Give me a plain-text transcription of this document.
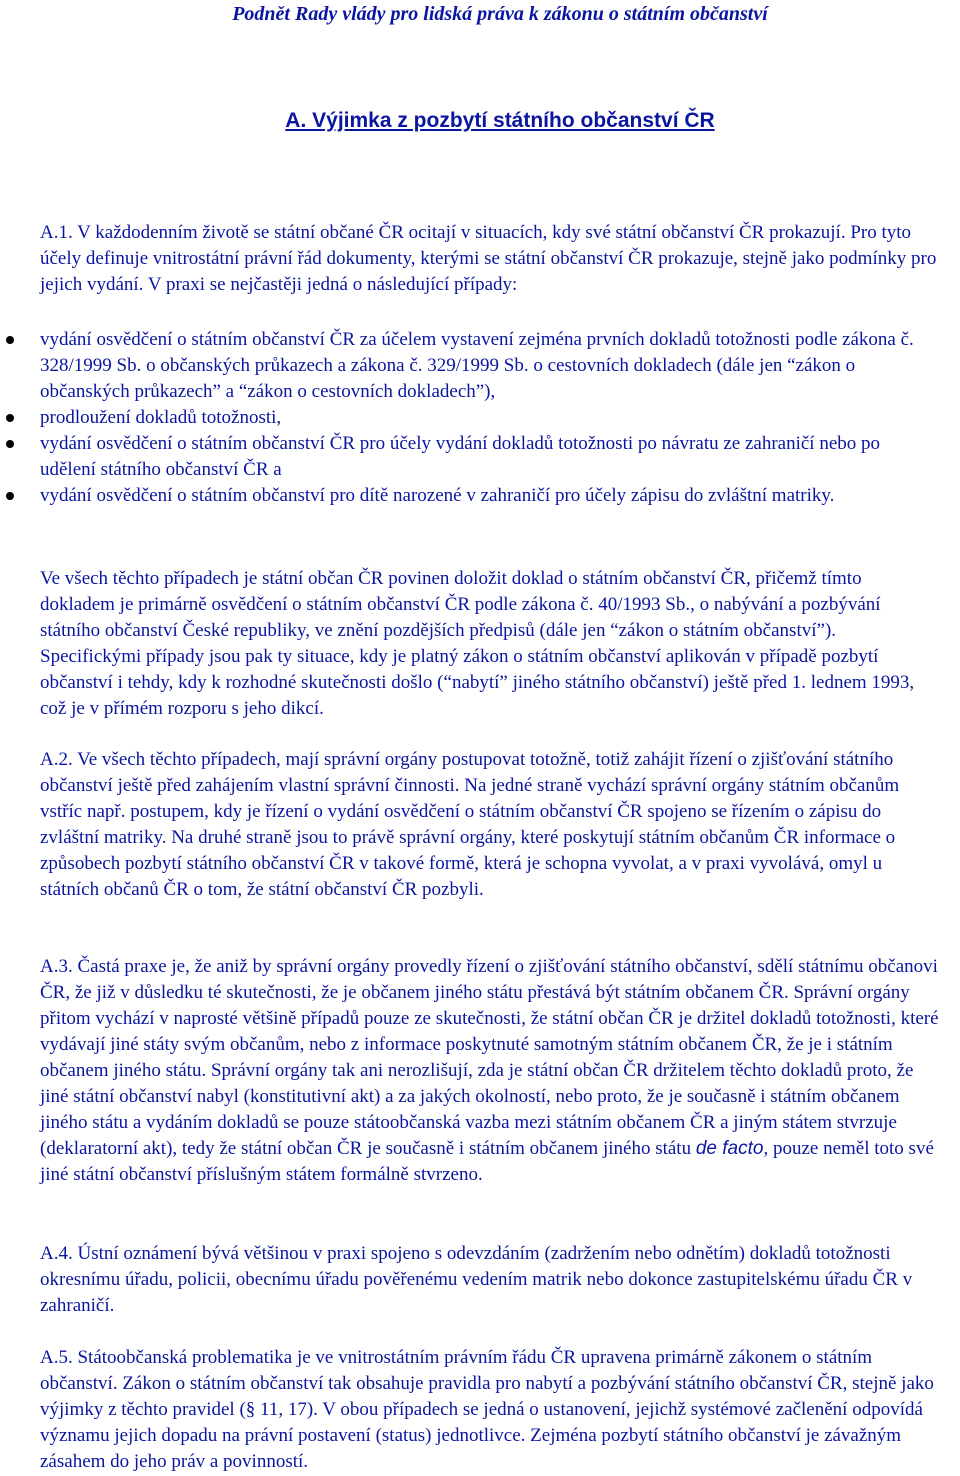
Podnět Rady vlády pro lidská práva k zákonu o státním občanství
A. Výjimka z pozbytí státního občanství ČR

A.1. V každodenním životě se státní občané ČR ocitají v situacích, kdy své státní občanství ČR prokazují. Pro tyto účely definuje vnitrostátní právní řád dokumenty, kterými se státní občanství ČR prokazuje, stejně jako podmínky pro jejich vydání. V praxi se nejčastěji jedná o následující případy:

vydání osvědčení o státním občanství ČR za účelem vystavení zejména prvních dokladů totožnosti podle zákona č. 328/1999 Sb. o občanských průkazech a zákona č. 329/1999 Sb. o cestovních dokladech (dále jen “zákon o občanských průkazech” a “zákon o cestovních dokladech”),
prodloužení dokladů totožnosti,
vydání osvědčení o státním občanství ČR pro účely vydání dokladů totožnosti po návratu ze zahraničí nebo po udělení státního občanství ČR a
vydání osvědčení o státním občanství pro dítě narozené v zahraničí pro účely zápisu do zvláštní matriky.

Ve všech těchto případech je státní občan ČR povinen doložit doklad o státním občanství ČR, přičemž tímto dokladem je primárně osvědčení o státním občanství ČR podle zákona č. 40/1993 Sb., o nabývání a pozbývání státního občanství České republiky, ve znění pozdějších předpisů (dále jen “zákon o státním občanství”). Specifickými případy jsou pak ty situace, kdy je platný zákon o státním občanství aplikován v případě pozbytí občanství i tehdy, kdy k rozhodné skutečnosti došlo (“nabytí” jiného státního občanství) ještě před 1. lednem 1993, což je v přímém rozporu s jeho dikcí.

A.2. Ve všech těchto případech, mají správní orgány postupovat totožně, totiž zahájit řízení o zjišťování státního občanství ještě před zahájením vlastní správní činnosti. Na jedné straně vychází správní orgány státním občanům vstříc např. postupem, kdy je řízení o vydání osvědčení o státním občanství ČR spojeno se řízením o zápisu do zvláštní matriky. Na druhé straně jsou to právě správní orgány, které poskytují státním občanům ČR informace o způsobech pozbytí státního občanství ČR v takové formě, která je schopna vyvolat, a v praxi vyvolává, omyl u státních občanů ČR o tom, že státní občanství ČR pozbyli.

A.3. Častá praxe je, že aniž by správní orgány provedly řízení o zjišťování státního občanství, sdělí státnímu občanovi ČR, že již v důsledku té skutečnosti, že je občanem jiného státu přestává být státním občanem ČR. Správní orgány přitom vychází v naprosté většině případů pouze ze skutečnosti, že státní občan ČR je držitel dokladů totožnosti, které vydávají jiné státy svým občanům, nebo z informace poskytnuté samotným státním občanem ČR, že je i státním občanem jiného státu. Správní orgány tak ani nerozlišují, zda je státní občan ČR držitelem těchto dokladů proto, že jiné státní občanství nabyl (konstitutivní akt) a za jakých okolností, nebo proto, že je současně i státním občanem jiného státu a vydáním dokladů se pouze státoobčanská vazba mezi státním občanem ČR a jiným státem stvrzuje (deklaratorní akt), tedy že státní občan ČR je současně i státním občanem jiného státu de facto, pouze neměl toto své jiné státní občanství příslušným státem formálně stvrzeno.

A.4. Ústní oznámení bývá většinou v praxi spojeno s odevzdáním (zadržením nebo odnětím) dokladů totožnosti okresnímu úřadu, policii, obecnímu úřadu pověřenému vedením matrik nebo dokonce zastupitelskému úřadu ČR v zahraničí.

A.5. Státoobčanská problematika je ve vnitrostátním právním řádu ČR upravena primárně zákonem o státním občanství. Zákon o státním občanství tak obsahuje pravidla pro nabytí a pozbývání státního občanství ČR, stejně jako výjimky z těchto pravidel (§ 11, 17). V obou případech se jedná o ustanovení, jejichž systémové začlenění odpovídá významu jejich dopadu na právní postavení (status) jednotlivce. Zejména pozbytí státního občanství je závažným zásahem do jeho práv a povinností.
